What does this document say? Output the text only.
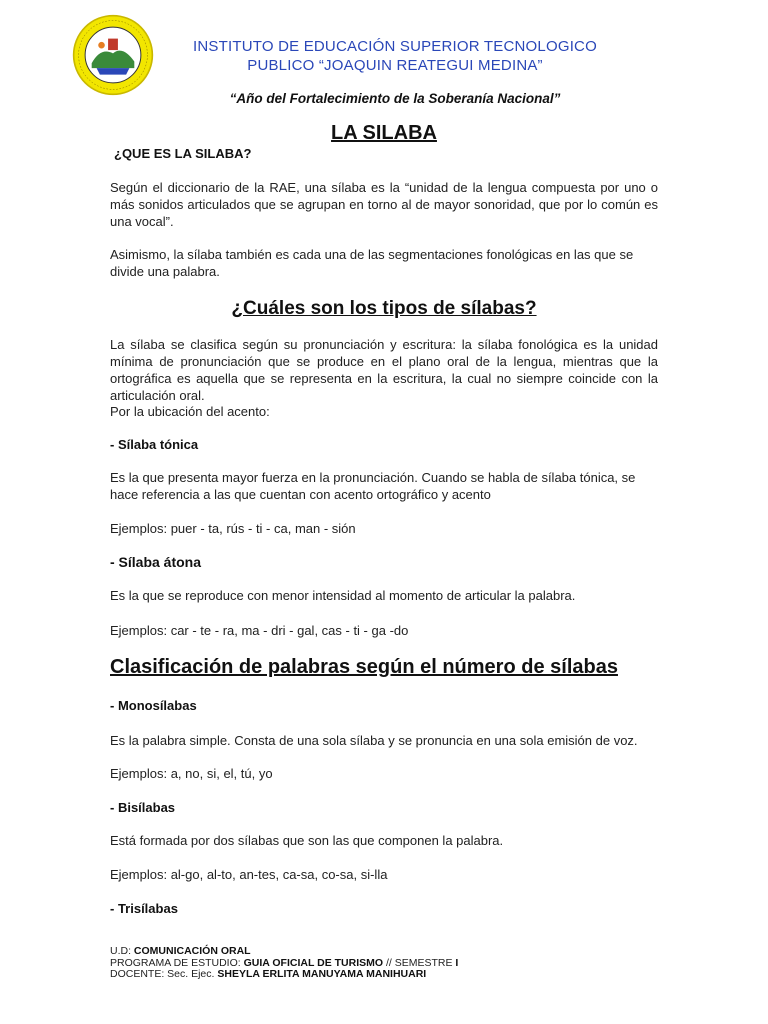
INSTITUTO DE EDUCACIÓN SUPERIOR TECNOLOGICO
PUBLICO “JOAQUIN REATEGUI MEDINA”
“Año del Fortalecimiento de la Soberanía Nacional”
LA SILABA
¿QUE ES LA SILABA?

Según el diccionario de la RAE, una sílaba es la “unidad de la lengua compuesta por uno o más sonidos articulados que se agrupan en torno al de mayor sonoridad, que por lo común es una vocal”.

Asimismo, la sílaba también es cada una de las segmentaciones fonológicas en las que se divide una palabra.

¿Cuáles son los tipos de sílabas?

La sílaba se clasifica según su pronunciación y escritura: la sílaba fonológica es la unidad mínima de pronunciación que se produce en el plano oral de la lengua, mientras que la ortográfica es aquella que se representa en la escritura, la cual no siempre coincide con la articulación oral.

Por la ubicación del acento:
- Sílaba tónica
Es la que presenta mayor fuerza en la pronunciación. Cuando se habla de sílaba tónica, se hace referencia a las que cuentan con acento ortográfico y acento
Ejemplos: puer - ta, rús - ti - ca, man - sión
- Sílaba átona
Es la que se reproduce con menor intensidad al momento de articular la palabra.
Ejemplos: car - te - ra, ma - dri - gal, cas - ti - ga -do
Clasificación de palabras según el número de sílabas
- Monosílabas
Es la palabra simple. Consta de una sola sílaba y se pronuncia en una sola emisión de voz.
Ejemplos: a, no, si, el, tú, yo
- Bisílabas
Está formada por dos sílabas que son las que componen la palabra.
Ejemplos: al-go, al-to, an-tes, ca-sa, co-sa, si-lla
- Trisílabas
U.D: COMUNICACIÓN ORAL
PROGRAMA DE ESTUDIO: GUIA OFICIAL DE TURISMO // SEMESTRE I
DOCENTE: Sec. Ejec. SHEYLA ERLITA MANUYAMA MANIHUARI
